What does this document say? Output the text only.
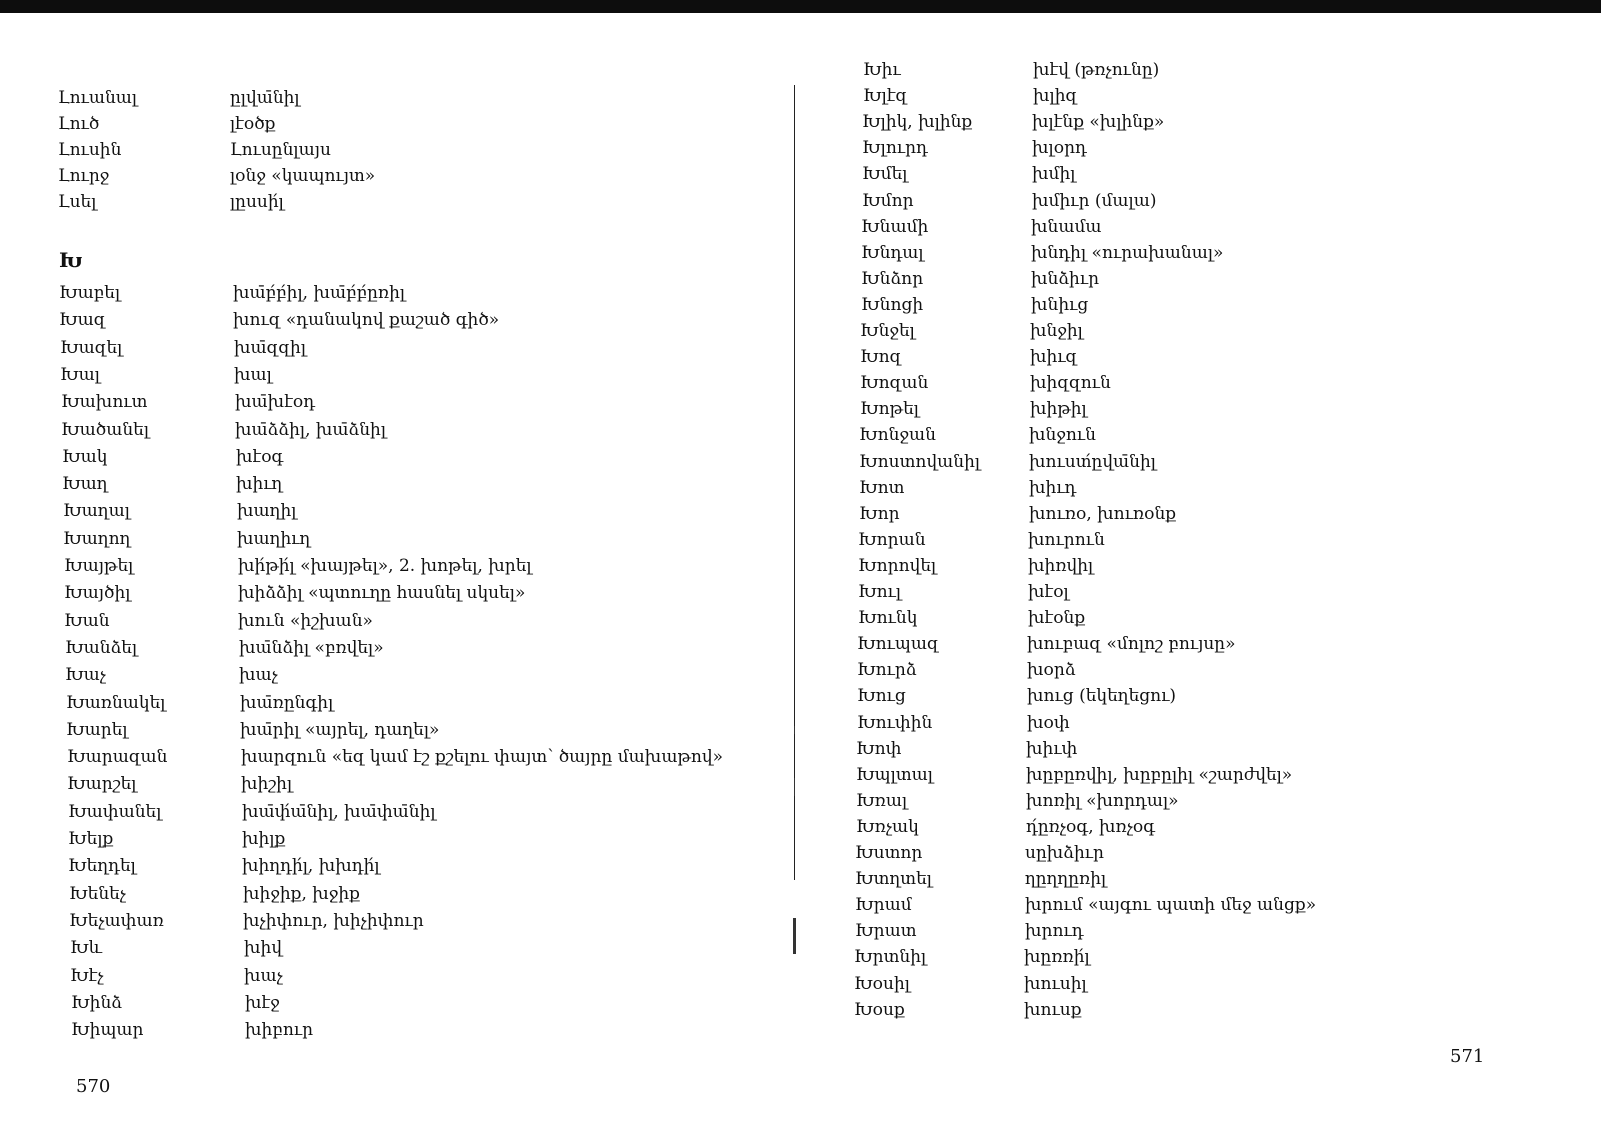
Լուանալ	ըլվա̄նիլ
Լուծ	լէօծք
Լուսին	Լուսընլայս
Լուրջ	լօնջ «կապույտ»
Լսել	լըսսի́լ
Խ
Խաբել	խա̄բ́բ́իլ, խա̄բ́բ́ըռիլ
Խազ	խուզ «դանակով քաշած գիծ»
Խազել	խա̄զզիլ
Խալ	խալ
Խախուտ	խա̄խէօդ
Խածանել	խա̄ձձիլ, խա̄ձնիլ
Խակ	խէօգ
Խաղ	խիւղ
Խաղալ	խաղիլ
Խաղող	խաղիւղ
Խայթել	խի́թի́լ «խայթել», 2. խոթել, խրել
Խայծիլ	խիձձիլ «պտուղը հասնել սկսել»
Խան	խուն «իշխան»
Խանձել	խա̄նձիլ «բռվել»
Խաչ	խաչ
Խառնակել	խա̄ռընգիլ
Խարել	խա̄րիլ «այրել, դաղել»
Խարազան	խարզուն «եզ կամ էշ քշելու փայտ՝ ծայրը մախաթով»
Խարշել	խիշիլ
Խափանել	խա̄փ́ա̄նիլ, խա̄փա̄նիլ
Խելք	խիլք
Խեղդել	խիղդի́լ, խխդի́լ
Խենեչ	խիջիք, խջիք
Խեչափառ	խչիփուր, խիչիփուր
Խև	խիվ
Խէչ	խաչ
Խինձ	խէջ
Խիպար	խիբուր
570
Խիւ	խէվ (թռչունը)
Խլէզ	խլիզ
Խլիկ, խլինք	խլէնք «խլինք»
Խլուրդ	խլօրդ
Խմել	խմիլ
Խմոր	խմիւր (մալա)
Խնամի	խնամա
Խնդալ	խնդիլ «ուրախանալ»
Խնձոր	խնձիւր
Խնոցի	խնիւց
Խնջել	խնջիլ
Խոզ	խիւզ
Խոզան	խիզզուն
Խոթել	խիթիլ
Խոնջան	խնջուն
Խոստովանիլ	խուստ́ըվա̄նիլ
Խոտ	խիւդ
Խոր	խուռօ, խուռօնք
Խորան	խուրուն
Խորովել	խիռվիլ
Խուլ	խէօլ
Խունկ	խէօնք
Խուպազ	խուբազ «մոլոշ բույսը»
Խուրձ	խօրձ
Խուց	խուց (եկեղեցու)
Խուփին	խօփ
Խոփ	խիւփ
Խպլտալ	խըբըռվիլ, խըբըլիլ «շարժվել»
Խռալ	խոռիլ «խորդալ»
Խռչակ	դ́ըռչօգ, խռչօգ
Խստոր	սըխձիւր
Խտղտել	ղըղղըռիլ
Խրամ	խրում «այգու պատի մեջ անցք»
Խրատ	խրուդ
Խրտնիլ	խըռռի́լ
Խօսիլ	խուսիլ
Խօսք	խուսք
571
